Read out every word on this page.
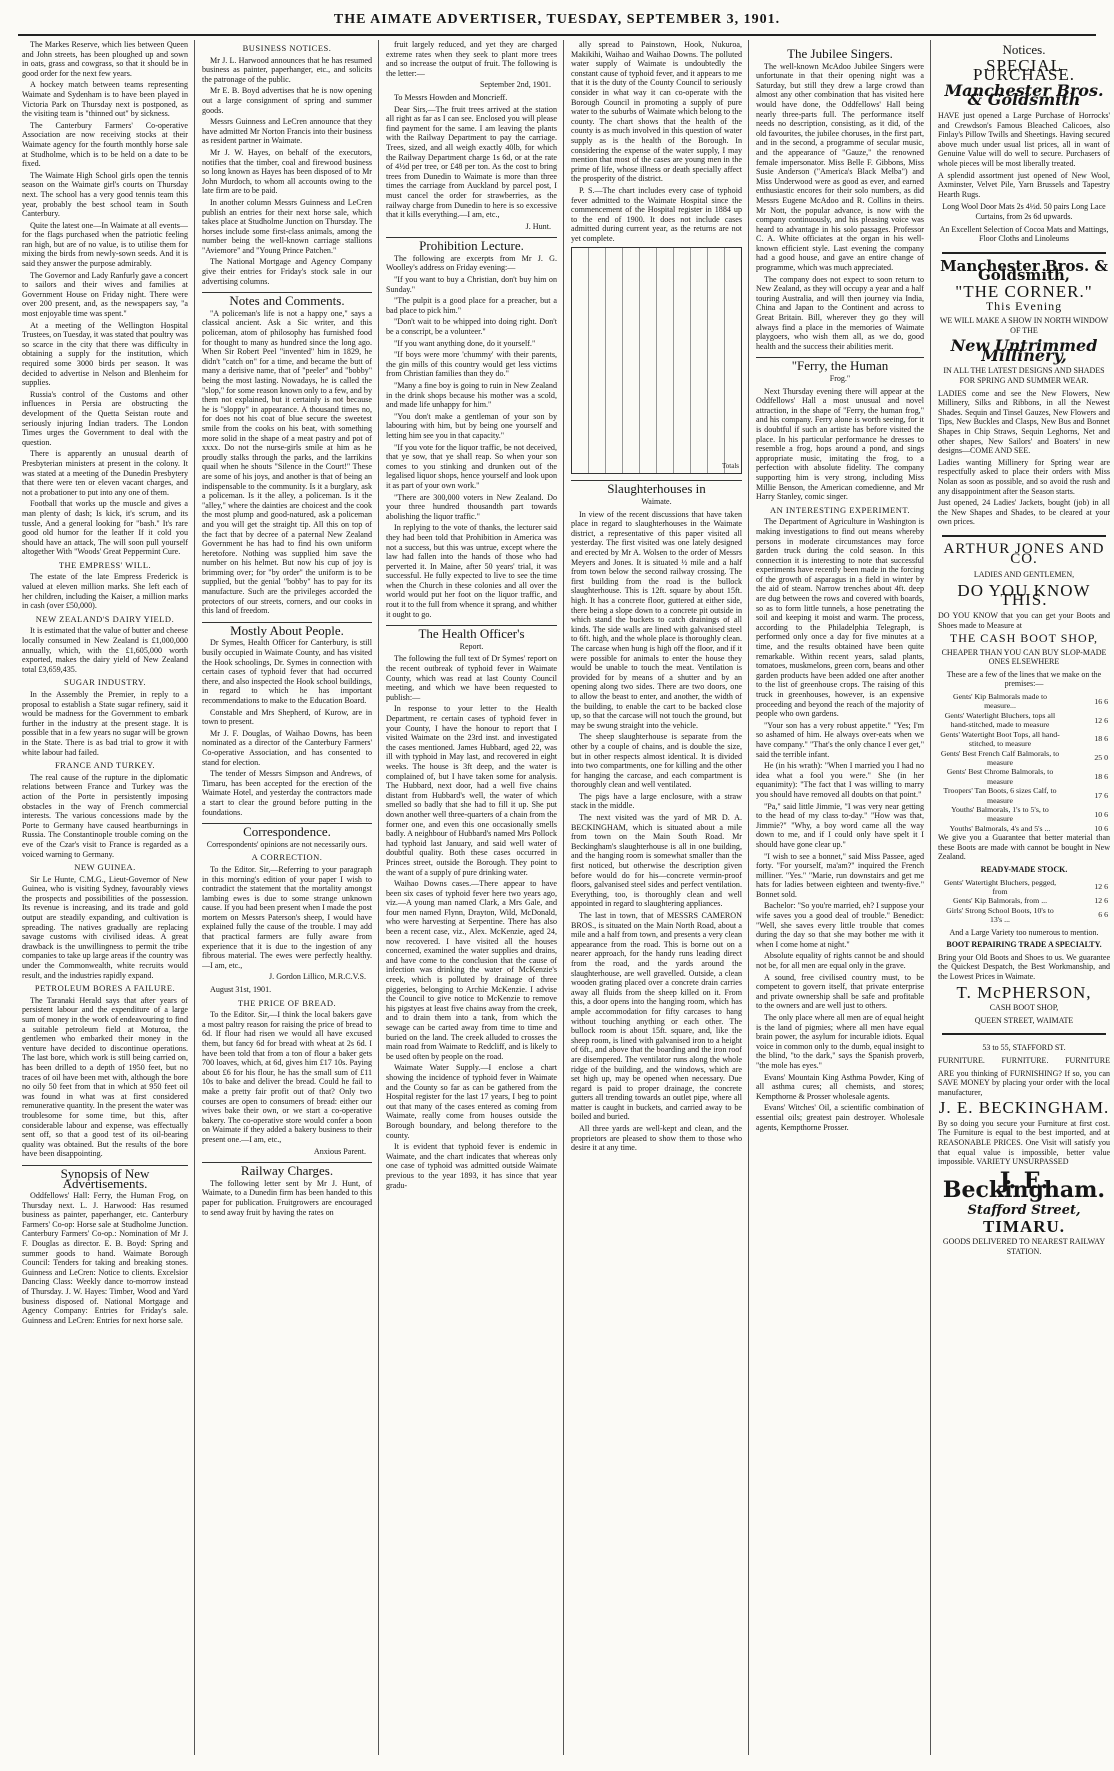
THE AIMATE ADVERTISER, TUESDAY, SEPTEMBER 3, 1901.

The Markes Reserve, which lies between Queen and John streets, has been ploughed up and sown in oats, grass and cowgrass, so that it should be in good order for the next few years.

A hockey match between teams representing Waimate and Sydenham is to have been played in Victoria Park on Thursday next is postponed, as the visiting team is "thinned out" by sickness.

The Canterbury Farmers' Co-operative Association are now receiving stocks at their Waimate agency for the fourth monthly horse sale at Studholme, which is to be held on a date to be fixed.

The Waimate High School girls open the tennis season on the Waimate girl's courts on Thursday next. The school has a very good tennis team this year, probably the best school team in South Canterbury.

Quite the latest one—In Waimate at all events—for the flags purchased when the patriotic feeling ran high, but are of no value, is to utilise them for mixing the birds from newly-sown seeds. And it is said they answer the purpose admirably.

The Governor and Lady Ranfurly gave a concert to sailors and their wives and families at Government House on Friday night. There were over 200 present, and, as the newspapers say, "a most enjoyable time was spent."

At a meeting of the Wellington Hospital Trustees, on Tuesday, it was stated that poultry was so scarce in the city that there was difficulty in obtaining a supply for the institution, which required some 3000 birds per season. It was decided to advertise in Nelson and Blenheim for supplies.

Russia's control of the Customs and other influences in Persia are obstructing the development of the Quetta Seistan route and seriously injuring Indian traders. The London Times urges the Government to deal with the question.

There is apparently an unusual dearth of Presbyterian ministers at present in the colony. It was stated at a meeting of the Dunedin Presbytery that there were ten or eleven vacant charges, and not a probationer to put into any one of them.

Football that works up the muscle and gives a man plenty of dash; Is kick, it's scrum, and its tussle, And a general looking for "bash." It's rare good old humor for the leather If it cold you should have an attack, The will soon pull yourself altogether With "Woods' Great Peppermint Cure.

THE EMPRESS' WILL.

The estate of the late Empress Frederick is valued at eleven million marks. She left each of her children, including the Kaiser, a million marks in cash (over £50,000).

NEW ZEALAND'S DAIRY YIELD.

It is estimated that the value of butter and cheese locally consumed in New Zealand is £1,000,000 annually, which, with the £1,605,000 worth exported, makes the dairy yield of New Zealand total £3,659,435.

SUGAR INDUSTRY.

In the Assembly the Premier, in reply to a proposal to establish a State sugar refinery, said it would be madness for the Government to embark further in the industry at the present stage. It is possible that in a few years no sugar will be grown in the State. There is as bad trial to grow it with white labour had failed.

FRANCE AND TURKEY.

The real cause of the rupture in the diplomatic relations between France and Turkey was the action of the Porte in persistently imposing obstacles in the way of French commercial interests. The various concessions made by the Porte to Germany have caused heartburnings in Russia. The Constantinople trouble coming on the eve of the Czar's visit to France is regarded as a voiced warning to Germany.

NEW GUINEA.

Sir Le Hunte, C.M.G., Lieut-Governor of New Guinea, who is visiting Sydney, favourably views the prospects and possibilities of the possession. Its revenue is increasing, and its trade and gold output are steadily expanding, and cultivation is spreading. The natives gradually are replacing savage customs with civilised ideas. A great drawback is the unwillingness to permit the tribe companies to take up large areas if the country was under the Commonwealth, white recruits would result, and the industries rapidly expand.

PETROLEUM BORES A FAILURE.

The Taranaki Herald says that after years of persistent labour and the expenditure of a large sum of money in the work of endeavouring to find a suitable petroleum field at Moturoa, the gentlemen who embarked their money in the venture have decided to discontinue operations. The last bore, which work is still being carried on, has been drilled to a depth of 1950 feet, but no traces of oil have been met with, although the bore no oily 50 feet from that in which at 950 feet oil was found in what was at first considered remunerative quantity. In the present the water was troublesome for some time, but this, after considerable labour and expense, was effectually sent off, so that a good test of its oil-bearing quality was obtained. But the results of the bore have been disappointing.

Synopsis of New Advertisements.

Oddfellows' Hall: Ferry, the Human Frog, on Thursday next. L. J. Harwood: Has resumed business as painter, paperhanger, etc. Canterbury Farmers' Co-op: Horse sale at Studholme Junction. Canterbury Farmers' Co-op.: Nomination of Mr J. F. Douglas as director. E. B. Boyd: Spring and summer goods to hand. Waimate Borough Council: Tenders for taking and breaking stones. Guinness and LeCren: Notice to clients. Excelsior Dancing Class: Weekly dance to-morrow instead of Thursday. J. W. Hayes: Timber, Wood and Yard business disposed of. National Mortgage and Agency Company: Entries for Friday's sale. Guinness and LeCren: Entries for next horse sale.

BUSINESS NOTICES.

Mr J. L. Harwood announces that he has resumed business as painter, paperhanger, etc., and solicits the patronage of the public.

Mr E. B. Boyd advertises that he is now opening out a large consignment of spring and summer goods.

Messrs Guinness and LeCren announce that they have admitted Mr Norton Francis into their business as resident partner in Waimate.

Mr J. W. Hayes, on behalf of the executors, notifies that the timber, coal and firewood business so long known as Hayes has been disposed of to Mr John Murdoch, to whom all accounts owing to the late firm are to be paid.

In another column Messrs Guinness and LeCren publish an entries for their next horse sale, which takes place at Studholme Junction on Thursday. The horses include some first-class animals, among the number being the well-known carriage stallions "Aviemore" and "Young Prince Patchen."

The National Mortgage and Agency Company give their entries for Friday's stock sale in our advertising columns.

Notes and Comments.

"A policeman's life is not a happy one," says a classical ancient. Ask a Sic writer, and this policeman, atom of philosophy has furnished food for thought to many as hundred since the long ago. When Sir Robert Peel "invented" him in 1829, he didn't "catch on" for a time, and became the butt of many a derisive name, that of "peeler" and "bobby" being the most lasting. Nowadays, he is called the "slop," for some reason known only to a few, and by them not explained, but it certainly is not because he is "sloppy" in appearance. A thousand times no, for does not his coat of blue secure the sweetest smile from the cooks on his beat, with something more solid in the shape of a meat pastry and pot of xxxx. Do not the nurse-girls smile at him as he proudly stalks through the parks, and the larrikins quail when he shouts "Silence in the Court!" These are some of his joys, and another is that of being an indispensable to the community. Is it a burglary, ask a policeman. Is it the alley, a policeman. Is it the "alley," where the dainties are choicest and the cook the most plump and good-natured, ask a policeman and you will get the straight tip. All this on top of the fact that by decree of a paternal New Zealand Government he has had to find his own uniform heretofore. Nothing was supplied him save the number on his helmet. But now his cup of joy is brimming over; for "by order" the uniform is to be supplied, but the genial "bobby" has to pay for its manufacture. Such are the privileges accorded the protectors of our streets, corners, and our cooks in this land of freedom.

Mostly About People.

Dr Symes, Health Officer for Canterbury, is still busily occupied in Waimate County, and has visited the Hook schoolings, Dr. Symes in connection with certain cases of typhoid fever that had occurred there, and also inspected the Hook school buildings, in regard to which he has important recommendations to make to the Education Board.

Constable and Mrs Shepherd, of Kurow, are in town to present.

Mr J. F. Douglas, of Waihao Downs, has been nominated as a director of the Canterbury Farmers' Co-operative Association, and has consented to stand for election.

The tender of Messrs Simpson and Andrews, of Timaru, has been accepted for the erection of the Waimate Hotel, and yesterday the contractors made a start to clear the ground before putting in the foundations.

Correspondence.
Correspondents' opinions are not necessarily ours.
A CORRECTION.

To the Editor. Sir,—Referring to your paragraph in this morning's edition of your paper I wish to contradict the statement that the mortality amongst lambing ewes is due to some strange unknown cause. If you had been present when I made the post mortem on Messrs Paterson's sheep, I would have explained fully the cause of the trouble. I may add that practical farmers are fully aware from experience that it is due to the ingestion of any fibrous material. The ewes were perfectly healthy.—I am, etc.,

J. Gordon Lillico, M.R.C.V.S.

August 31st, 1901.

THE PRICE OF BREAD.

To the Editor. Sir,—I think the local bakers gave a most paltry reason for raising the price of bread to 6d. If flour had risen we would all have excused them, but fancy 6d for bread with wheat at 2s 6d. I have been told that from a ton of flour a baker gets 700 loaves, which, at 6d, gives him £17 10s. Paying about £6 for his flour, he has the small sum of £11 10s to bake and deliver the bread. Could he fail to make a pretty fair profit out of that? Only two courses are open to consumers of bread: either our wives bake their own, or we start a co-operative bakery. The co-operative store would confer a boon on Waimate if they added a bakery business to their present one.—I am, etc.,

Anxious Parent.
Railway Charges.

The following letter sent by Mr J. Hunt, of Waimate, to a Dunedin firm has been handed to this paper for publication. Fruitgrowers are encouraged to send away fruit by having the rates on

fruit largely reduced, and yet they are charged extreme rates when they seek to plant more trees and so increase the output of fruit. The following is the letter:—

September 2nd, 1901.

To Messrs Howden and Moncrieff.

Dear Sirs,—The fruit trees arrived at the station all right as far as I can see. Enclosed you will please find payment for the same. I am leaving the plants with the Railway Department to pay the carriage. Trees, sized, and all weigh exactly 40lb, for which the Railway Department charge 1s 6d, or at the rate of 4½d per tree, or £48 per ton. As the cost to bring trees from Dunedin to Waimate is more than three times the carriage from Auckland by parcel post, I must cancel the order for strawberries, as the railway charge from Dunedin to here is so excessive that it kills everything.—I am, etc.,

J. Hunt.
Prohibition Lecture.

The following are excerpts from Mr J. G. Woolley's address on Friday evening:—

"If you want to buy a Christian, don't buy him on Sunday."

"The pulpit is a good place for a preacher, but a bad place to pick him."

"Don't wait to be whipped into doing right. Don't be a conscript, be a volunteer."

"If you want anything done, do it yourself."

"If boys were more 'chummy' with their parents, the gin mills of this country would get less victims from Christian families than they do."

"Many a fine boy is going to ruin in New Zealand in the drink shops because his mother was a scold, and made life unhappy for him."

"You don't make a gentleman of your son by labouring with him, but by being one yourself and letting him see you in that capacity."

"If you vote for the liquor traffic, be not deceived, that ye sow, that ye shall reap. So when your son comes to you stinking and drunken out of the legalised liquor shops, hence yourself and look upon it as part of your own work."

"There are 300,000 voters in New Zealand. Do your three hundred thousandth part towards abolishing the liquor traffic."

In replying to the vote of thanks, the lecturer said they had been told that Prohibition in America was not a success, but this was untrue, except where the law had fallen into the hands of those who had perverted it. In Maine, after 50 years' trial, it was successful. He fully expected to live to see the time when the Church in these colonies and all over the world would put her foot on the liquor traffic, and rout it to the full from whence it sprang, and whither it ought to go.

The Health Officer's
Report.

The following the full text of Dr Symes' report on the recent outbreak of typhoid fever in Waimate County, which was read at last County Council meeting, and which we have been requested to publish:—

In response to your letter to the Health Department, re certain cases of typhoid fever in your County, I have the honour to report that I visited Waimate on the 23rd inst. and investigated the cases mentioned. James Hubbard, aged 22, was ill with typhoid in May last, and recovered in eight weeks. The house is 3ft deep, and the water is complained of, but I have taken some for analysis. The Hubbard, next door, had a well five chains distant from Hubbard's well, the water of which smelled so badly that she had to fill it up. She put down another well three-quarters of a chain from the former one, and even this one occasionally smells badly. A neighbour of Hubbard's named Mrs Pollock had typhoid last January, and said well water of doubtful quality. Both these cases occurred in Princes street, outside the Borough. They point to the want of a supply of pure drinking water.

Waihao Downs cases.—There appear to have been six cases of typhoid fever here two years ago, viz.—A young man named Clark, a Mrs Gale, and four men named Flynn, Drayton, Wild, McDonald, who were harvesting at Serpentine. There has also been a recent case, viz., Alex. McKenzie, aged 24, now recovered. I have visited all the houses concerned, examined the water supplies and drains, and have come to the conclusion that the cause of infection was drinking the water of McKenzie's creek, which is polluted by drainage of three piggeries, belonging to Archie McKenzie. I advise the Council to give notice to McKenzie to remove his pigstyes at least five chains away from the creek, and to drain them into a tank, from which the sewage can be carted away from time to time and buried on the land. The creek alluded to crosses the main road from Waimate to Redcliff, and is likely to be used often by people on the road.

Waimate Water Supply.—I enclose a chart showing the incidence of typhoid fever in Waimate and the County so far as can be gathered from the Hospital register for the last 17 years, I beg to point out that many of the cases entered as coming from Waimate, really come from houses outside the Borough boundary, and belong therefore to the county.

It is evident that typhoid fever is endemic in Waimate, and the chart indicates that whereas only one case of typhoid was admitted outside Waimate previous to the year 1893, it has since that year gradu-

ally spread to Painstown, Hook, Nukuroa, Makikihi, Waihao and Waihao Downs. The polluted water supply of Waimate is undoubtedly the constant cause of typhoid fever, and it appears to me that it is the duty of the County Council to seriously consider in what way it can co-operate with the Borough Council in promoting a supply of pure water to the suburbs of Waimate which belong to the county. The chart shows that the health of the county is as much involved in this question of water supply as is the health of the Borough. In considering the expense of the water supply, I may mention that most of the cases are young men in the prime of life, whose illness or death specially affect the prosperity of the district.

P. S.—The chart includes every case of typhoid fever admitted to the Waimate Hospital since the commencement of the Hospital register in 1884 up to the end of 1900. It does not include cases admitted during current year, as the returns are not yet complete.

Totals
Slaughterhouses in
Waimate.

In view of the recent discussions that have taken place in regard to slaughterhouses in the Waimate district, a representative of this paper visited all yesterday. The first visited was one lately designed and erected by Mr A. Wolsen to the order of Messrs Meyers and Jones. It is situated ½ mile and a half from town below the second railway crossing. The first building from the road is the bullock slaughterhouse. This is 12ft. square by about 15ft. high. It has a concrete floor, guttered at either side, there being a slope down to a concrete pit outside in which stand the buckets to catch drainings of all kinds. The side walls are lined with galvanised steel to 6ft. high, and the whole place is thoroughly clean. The carcase when hung is high off the floor, and if it were possible for animals to enter the house they would be unable to touch the meat. Ventilation is provided for by means of a shutter and by an opening along two sides. There are two doors, one to allow the beast to enter, and another, the width of the building, to enable the cart to be backed close up, so that the carcase will not touch the ground, but may be swung straight into the vehicle.

The sheep slaughterhouse is separate from the other by a couple of chains, and is double the size, but in other respects almost identical. It is divided into two compartments, one for killing and the other for hanging the carcase, and each compartment is thoroughly clean and well ventilated.

The pigs have a large enclosure, with a straw stack in the middle.

The next visited was the yard of MR D. A. BECKINGHAM, which is situated about a mile from town on the Main South Road. Mr Beckingham's slaughterhouse is all in one building, and the hanging room is somewhat smaller than the first noticed, but otherwise the description given before would do for his—concrete vermin-proof floors, galvanised steel sides and perfect ventilation. Everything, too, is thoroughly clean and well appointed in regard to slaughtering appliances.

The last in town, that of MESSRS CAMERON BROS., is situated on the Main North Road, about a mile and a half from town, and presents a very clean appearance from the road. This is borne out on a nearer approach, for the handy runs leading direct from the road, and the yards around the slaughterhouse, are well gravelled. Outside, a clean wooden grating placed over a concrete drain carries away all fluids from the sheep killed on it. From this, a door opens into the hanging room, which has ample accommodation for fifty carcases to hang without touching anything or each other. The bullock room is about 15ft. square, and, like the sheep room, is lined with galvanised iron to a height of 6ft., and above that the boarding and the iron roof are disempered. The ventilator runs along the whole ridge of the building, and the windows, which are set high up, may be opened when necessary. Due regard is paid to proper drainage, the concrete gutters all trending towards an outlet pipe, where all matter is caught in buckets, and carried away to be boiled and buried.

All three yards are well-kept and clean, and the proprietors are pleased to show them to those who desire it at any time.

The Jubilee Singers.

The well-known McAdoo Jubilee Singers were unfortunate in that their opening night was a Saturday, but still they drew a large crowd than almost any other combination that has visited here would have done, the Oddfellows' Hall being nearly three-parts full. The performance itself needs no description, consisting, as it did, of the old favourites, the jubilee choruses, in the first part, and in the second, a programme of secular music, and the appearance of "Gauze," the renowned female impersonator. Miss Belle F. Gibbons, Miss Susie Anderson ("America's Black Melba") and Miss Underwood were as good as ever, and earned enthusiastic encores for their solo numbers, as did Messrs Eugene McAdoo and R. Collins in theirs. Mr Nott, the popular advance, is now with the company continuously, and his pleasing voice was heard to advantage in his solo passages. Professor C. A. White officiates at the organ in his well-known efficient style. Last evening the company had a good house, and gave an entire change of programme, which was much appreciated.

The company does not expect to soon return to New Zealand, as they will occupy a year and a half touring Australia, and will then journey via India, China and Japan to the Continent and across to Great Britain. Bill, wherever they go they will always find a place in the memories of Waimate playgoers, who wish them all, as we do, good health and the success their abilities merit.

"Ferry, the Human
Frog."

Next Thursday evening there will appear at the Oddfellows' Hall a most unusual and novel attraction, in the shape of "Ferry, the human frog," and his company. Ferry alone is worth seeing, for it is doubtful if such an artiste has before visited the place. In his particular performance he dresses to resemble a frog, hops around a pond, and sings appropriate music, imitating the frog, to a perfection with absolute fidelity. The company supporting him is very strong, including Miss Millie Benson, the American comedienne, and Mr Harry Stanley, comic singer.

AN INTERESTING EXPERIMENT.

The Department of Agriculture in Washington is making investigations to find out means whereby persons in moderate circumstances may force garden truck during the cold season. In this connection it is interesting to note that successful experiments have recently been made in the forcing of the growth of asparagus in a field in winter by the aid of steam. Narrow trenches about 4ft. deep are dug between the rows and covered with boards, so as to form little tunnels, a hose penetrating the soil and keeping it moist and warm. The process, according to the Philadelphia Telegraph, is performed only once a day for five minutes at a time, and the results obtained have been quite remarkable. Within recent years, salad plants, tomatoes, muskmelons, green corn, beans and other garden products have been added one after another to the list of greenhouse crops. The raising of this truck in greenhouses, however, is an expensive proceeding and beyond the reach of the majority of people who own gardens.

"Your son has a very robust appetite." "Yes; I'm so ashamed of him. He always over-eats when we have company." "That's the only chance I ever get," said the terrible infant.

He (in his wrath): "When I married you I had no idea what a fool you were." She (in her equanimity): "The fact that I was willing to marry you should have removed all doubts on that point."

"Pa," said little Jimmie, "I was very near getting to the head of my class to-day." "How was that, Jimmie?" "Why, a boy word came all the way down to me, and if I could only have spelt it I should have gone clear up."

"I wish to see a bonnet," said Miss Passee, aged forty. "For yourself, ma'am?" inquired the French milliner. "Yes." "Marie, run downstairs and get me hats for ladies between eighteen and twenty-five." Bonnet sold.

Bachelor: "So you're married, eh? I suppose your wife saves you a good deal of trouble." Benedict: "Well, she saves every little trouble that comes during the day so that she may bother me with it when I come home at night."

Absolute equality of rights cannot be and should not be, for all men are equal only in the grave.

A sound, free civilised country must, to be competent to govern itself, that private enterprise and private ownership shall be safe and profitable to the owners and are well just to others.

The only place where all men are of equal height is the land of pigmies; where all men have equal brain power, the asylum for incurable idiots. Equal voice in common only to the dumb, equal insight to the blind, "to the dark," says the Spanish proverb, "the mole has eyes."

Evans' Mountain King Asthma Powder, King of all asthma cures; all chemists, and stores; Kempthorne & Prosser wholesale agents.

Evans' Witches' Oil, a scientific combination of essential oils; greatest pain destroyer. Wholesale agents, Kempthorne Prosser.

Notices.
SPECIAL PURCHASE.
Manchester Bros. & Goldsmith

HAVE just opened a Large Purchase of Horrocks' and Crewdson's Famous Bleached Calicoes, also Finlay's Pillow Twills and Sheetings. Having secured above much under usual list prices, all in want of Genuine Value will do well to secure. Purchasers of whole pieces will be most liberally treated.

A splendid assortment just opened of New Wool, Axminster, Velvet Pile, Yarn Brussels and Tapestry Hearth Rugs.

Long Wool Door Mats 2s 4½d. 50 pairs Long Lace Curtains, from 2s 6d upwards.
An Excellent Selection of Cocoa Mats and Mattings, Floor Cloths and Linoleums
Manchester Bros. & Goldsmith,
"THE CORNER."
This Evening
WE WILL MAKE A SHOW IN NORTH WINDOW OF THE
New Untrimmed Millinery,
IN ALL THE LATEST DESIGNS AND SHADES FOR SPRING AND SUMMER WEAR.

LADIES come and see the New Flowers, New Millinery, Silks and Ribbons, in all the Newest Shades. Sequin and Tinsel Gauzes, New Flowers and Tips, New Buckles and Clasps, New Bus and Bonnet Shapes in Chip Straws, Sequin Leghorns, Net and other shapes, New Sailors' and Boaters' in new designs—COME AND SEE.

Ladies wanting Millinery for Spring wear are respectfully asked to place their orders with Miss Nolan as soon as possible, and so avoid the rush and any disappointment after the Season starts.

Just opened, 24 Ladies' Jackets, bought (job) in all the New Shapes and Shades, to be cleared at your own prices.

ARTHUR JONES AND CO.
LADIES AND GENTLEMEN,
DO YOU KNOW THIS.

DO YOU KNOW that you can get your Boots and Shoes made to Measure at

THE CASH BOOT SHOP,
CHEAPER THAN YOU CAN BUY SLOP-MADE ONES ELSEWHERE
These are a few of the lines that we make on the premises:—
Gents' Kip Balmorals made to measure...	16 6
Gents' Waterlight Bluchers, tops all hand-stitched, made to measure	12 6
Gents' Watertight Boot Tops, all hand-stitched, to measure	18 6
Gents' Best French Calf Balmorals, to measure	25 0
Gents' Best Chrome Balmorals, to measure	18 6
Troopers' Tan Boots, 6 sizes Calf, to measure	17 6
Youths' Balmorals, 1's to 5's, to measure	10 6
Youths' Balmorals, 4's and 5's ...	10 6

We give you a Guarantee that better material than these Boots are made with cannot be bought in New Zealand.

READY-MADE STOCK.
Gents' Watertight Bluchers, pegged, from	12 6
Gents' Kip Balmorals, from ...	12 6
Girls' Strong School Boots, 10's to 13's ...	6 6
And a Large Variety too numerous to mention.
BOOT REPAIRING TRADE A SPECIALTY.

Bring your Old Boots and Shoes to us. We guarantee the Quickest Despatch, the Best Workmanship, and the Lowest Prices in Waimate.

T. McPHERSON,
CASH BOOT SHOP,
QUEEN STREET, WAIMATE
53 to 55, STAFFORD ST.
FURNITURE. FURNITURE. FURNITURE

ARE you thinking of FURNISHING? If so, you can SAVE MONEY by placing your order with the local manufacturer,

J. E. BECKINGHAM.

By so doing you secure your Furniture at first cost. The Furniture is equal to the best imported, and at REASONABLE PRICES. One Visit will satisfy you that equal value is impossible, better value impossible. VARIETY UNSURPASSED

J. E. Beckingham.
Stafford Street,
TIMARU.
GOODS DELIVERED TO NEAREST RAILWAY STATION.
